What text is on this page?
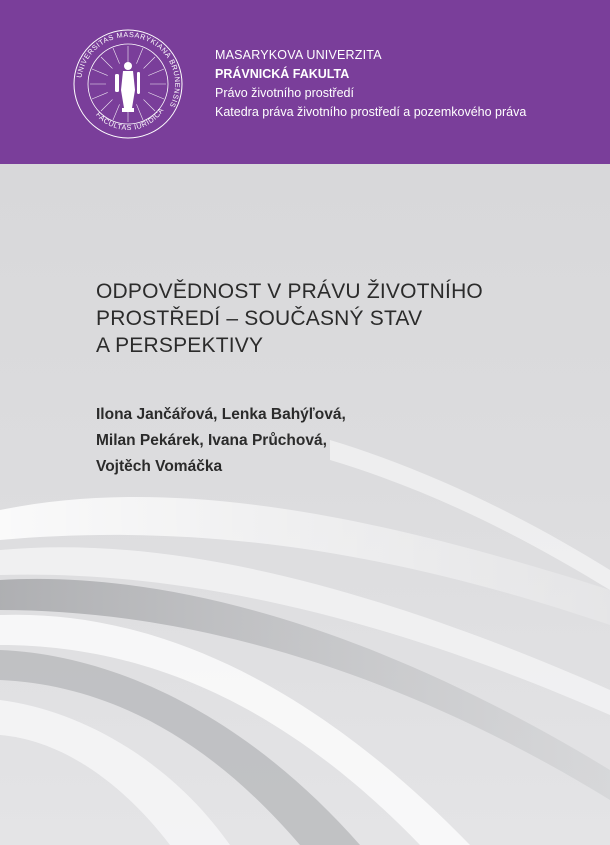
UNIVERSITAS MASARYKIANA BRUNENSIS
FACULTAS IURIDICA
MASARYKOVA UNIVERZITA
PRÁVNICKÁ FAKULTA
Právo životního prostředí
Katedra práva životního prostředí a pozemkového práva
ODPOVĚDNOST V PRÁVU ŽIVOTNÍHO
PROSTŘEDÍ – SOUČASNÝ STAV
A PERSPEKTIVY
Ilona Jančářová, Lenka Bahýľová,
Milan Pekárek, Ivana Průchová,
Vojtěch Vomáčka
